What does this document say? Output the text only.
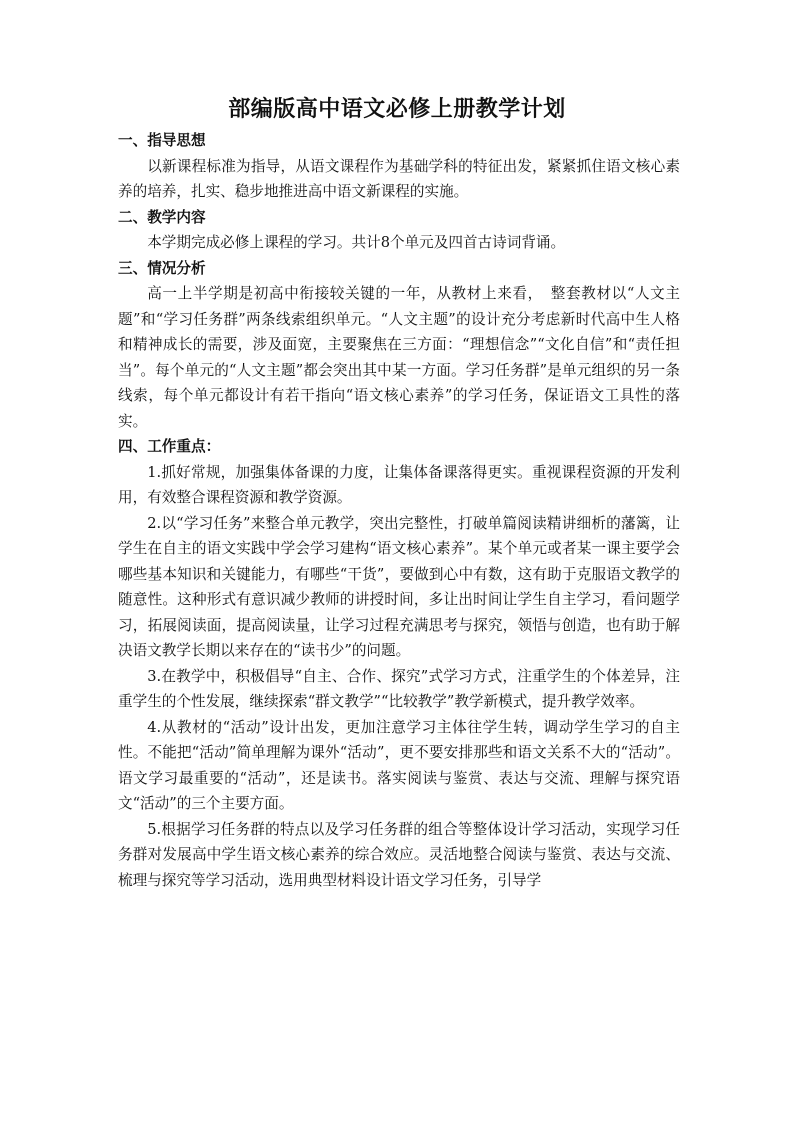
部编版高中语文必修上册教学计划

一、指导思想

以新课程标准为指导，从语文课程作为基础学科的特征出发，紧紧抓住语文核心素养的培养，扎实、稳步地推进高中语文新课程的实施。

二、教学内容

本学期完成必修上课程的学习。共计8个单元及四首古诗词背诵。

三、情况分析

高一上半学期是初高中衔接较关键的一年，从教材上来看，　整套教材以“人文主题”和“学习任务群”两条线索组织单元。“人文主题”的设计充分考虑新时代高中生人格和精神成长的需要，涉及面宽，主要聚焦在三方面：“理想信念”“文化自信”和“责任担当”。每个单元的“人文主题”都会突出其中某一方面。学习任务群”是单元组织的另一条线索，每个单元都设计有若干指向“语文核心素养”的学习任务，保证语文工具性的落实。

四、工作重点：

1.抓好常规，加强集体备课的力度，让集体备课落得更实。重视课程资源的开发利用，有效整合课程资源和教学资源。

2.以“学习任务”来整合单元教学，突出完整性，打破单篇阅读精讲细析的藩篱，让学生在自主的语文实践中学会学习建构“语文核心素养”。某个单元或者某一课主要学会哪些基本知识和关键能力，有哪些“干货”，要做到心中有数，这有助于克服语文教学的随意性。这种形式有意识减少教师的讲授时间，多让出时间让学生自主学习，看问题学习，拓展阅读面，提高阅读量，让学习过程充满思考与探究，领悟与创造，也有助于解决语文教学长期以来存在的“读书少”的问题。

3.在教学中，积极倡导“自主、合作、探究”式学习方式，注重学生的个体差异，注重学生的个性发展，继续探索“群文教学”“比较教学”教学新模式，提升教学效率。

4.从教材的“活动”设计出发，更加注意学习主体往学生转，调动学生学习的自主性。不能把“活动”简单理解为课外“活动”，更不要安排那些和语文关系不大的“活动”。语文学习最重要的“活动”，还是读书。落实阅读与鉴赏、表达与交流、理解与探究语文“活动”的三个主要方面。

5.根据学习任务群的特点以及学习任务群的组合等整体设计学习活动，实现学习任务群对发展高中学生语文核心素养的综合效应。灵活地整合阅读与鉴赏、表达与交流、梳理与探究等学习活动，选用典型材料设计语文学习任务，引导学
